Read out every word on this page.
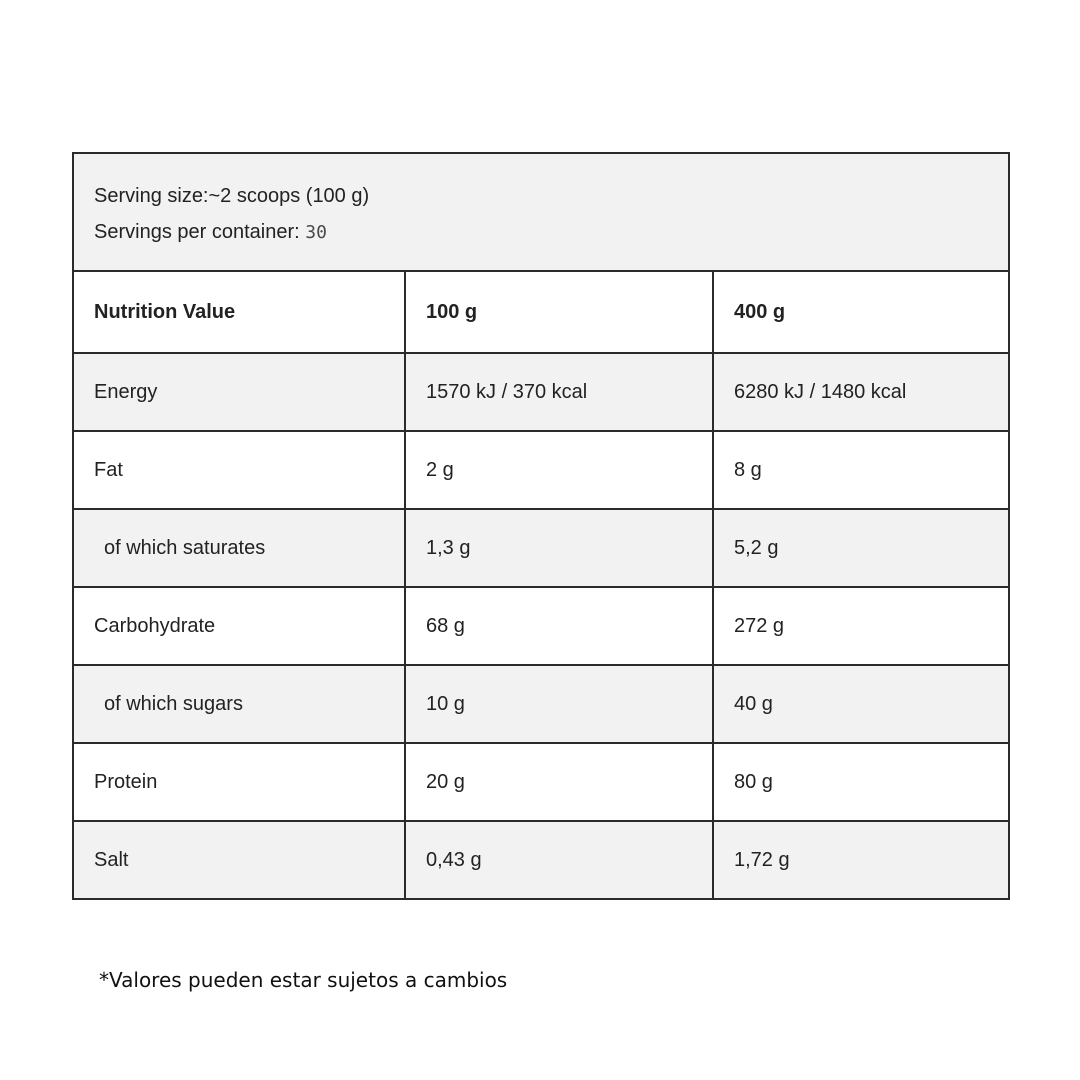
Serving size:~2 scoops (100 g)
Servings per container: 30		

Nutrition Value	100 g	400 g
Energy	1570 kJ / 370 kcal	6280 kJ / 1480 kcal
Fat	2 g	8 g
of which saturates	1,3 g	5,2 g
Carbohydrate	68 g	272 g
of which sugars	10 g	40 g
Protein	20 g	80 g
Salt	0,43 g	1,72 g
*Valores pueden estar sujetos a cambios
